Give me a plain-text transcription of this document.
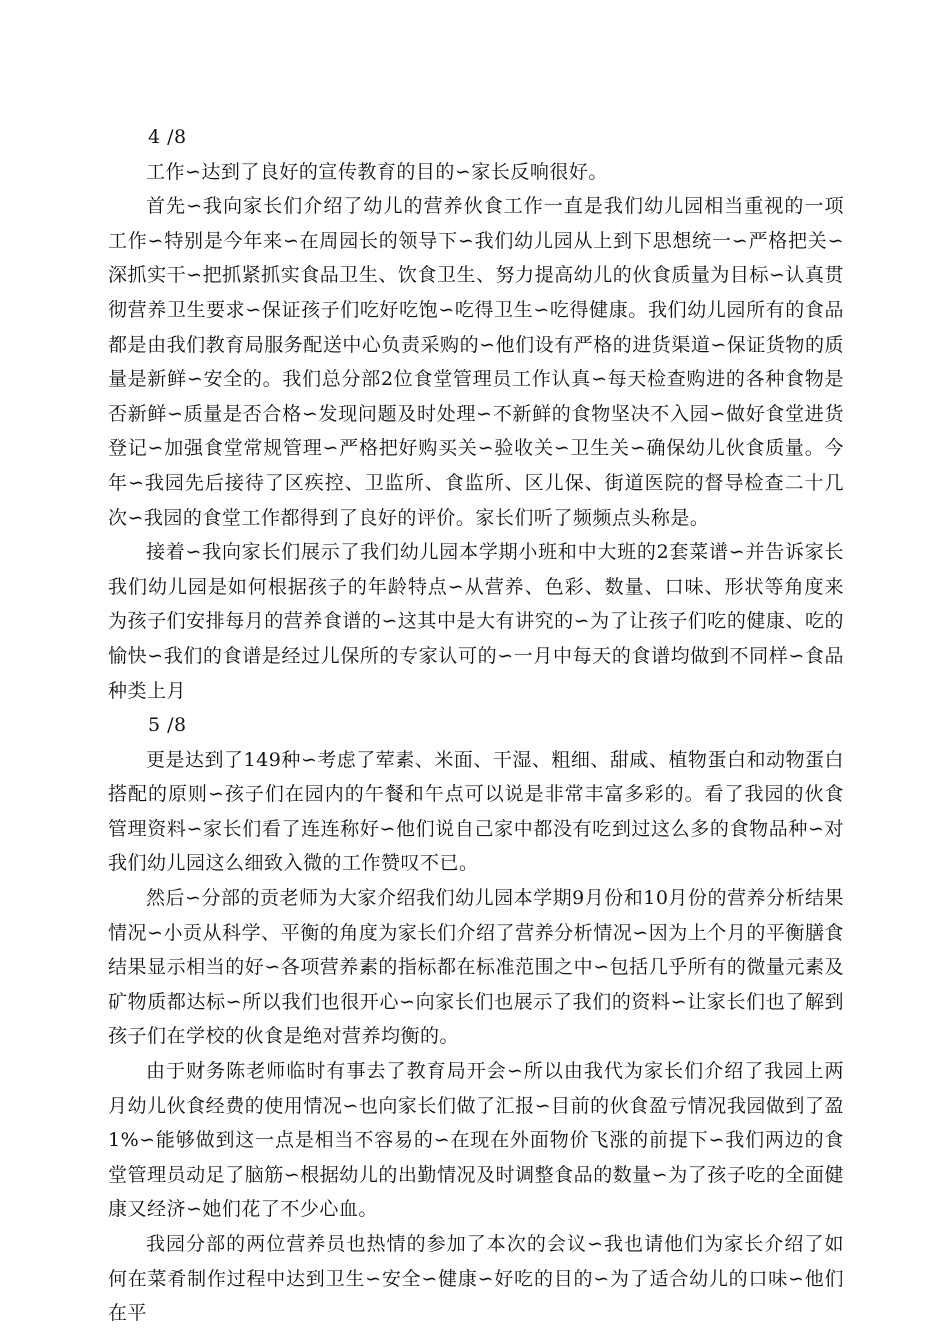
4 /8

工作∽达到了良好的宣传教育的目的∽家长反响很好。

首先∽我向家长们介绍了幼儿的营养伙食工作一直是我们幼儿园相当重视的一项工作∽特别是今年来∽在周园长的领导下∽我们幼儿园从上到下思想统一∽严格把关∽深抓实干∽把抓紧抓实食品卫生、饮食卫生、努力提高幼儿的伙食质量为目标∽认真贯彻营养卫生要求∽保证孩子们吃好吃饱∽吃得卫生∽吃得健康。我们幼儿园所有的食品都是由我们教育局服务配送中心负责采购的∽他们设有严格的进货渠道∽保证货物的质量是新鲜∽安全的。我们总分部2位食堂管理员工作认真∽每天检查购进的各种食物是否新鲜∽质量是否合格∽发现问题及时处理∽不新鲜的食物坚决不入园∽做好食堂进货登记∽加强食堂常规管理∽严格把好购买关∽验收关∽卫生关∽确保幼儿伙食质量。今年∽我园先后接待了区疾控、卫监所、食监所、区儿保、街道医院的督导检查二十几次∽我园的食堂工作都得到了良好的评价。家长们听了频频点头称是。

接着∽我向家长们展示了我们幼儿园本学期小班和中大班的2套菜谱∽并告诉家长我们幼儿园是如何根据孩子的年龄特点∽从营养、色彩、数量、口味、形状等角度来为孩子们安排每月的营养食谱的∽这其中是大有讲究的∽为了让孩子们吃的健康、吃的愉快∽我们的食谱是经过儿保所的专家认可的∽一月中每天的食谱均做到不同样∽食品种类上月

5 /8

更是达到了149种∽考虑了荤素、米面、干湿、粗细、甜咸、植物蛋白和动物蛋白搭配的原则∽孩子们在园内的午餐和午点可以说是非常丰富多彩的。看了我园的伙食管理资料∽家长们看了连连称好∽他们说自己家中都没有吃到过这么多的食物品种∽对我们幼儿园这么细致入微的工作赞叹不已。

然后∽分部的贡老师为大家介绍我们幼儿园本学期9月份和10月份的营养分析结果情况∽小贡从科学、平衡的角度为家长们介绍了营养分析情况∽因为上个月的平衡膳食结果显示相当的好∽各项营养素的指标都在标准范围之中∽包括几乎所有的微量元素及矿物质都达标∽所以我们也很开心∽向家长们也展示了我们的资料∽让家长们也了解到孩子们在学校的伙食是绝对营养均衡的。

由于财务陈老师临时有事去了教育局开会∽所以由我代为家长们介绍了我园上两月幼儿伙食经费的使用情况∽也向家长们做了汇报∽目前的伙食盈亏情况我园做到了盈1%∽能够做到这一点是相当不容易的∽在现在外面物价飞涨的前提下∽我们两边的食堂管理员动足了脑筋∽根据幼儿的出勤情况及时调整食品的数量∽为了孩子吃的全面健康又经济∽她们花了不少心血。

我园分部的两位营养员也热情的参加了本次的会议∽我也请他们为家长介绍了如何在菜肴制作过程中达到卫生∽安全∽健康∽好吃的目的∽为了适合幼儿的口味∽他们在平
